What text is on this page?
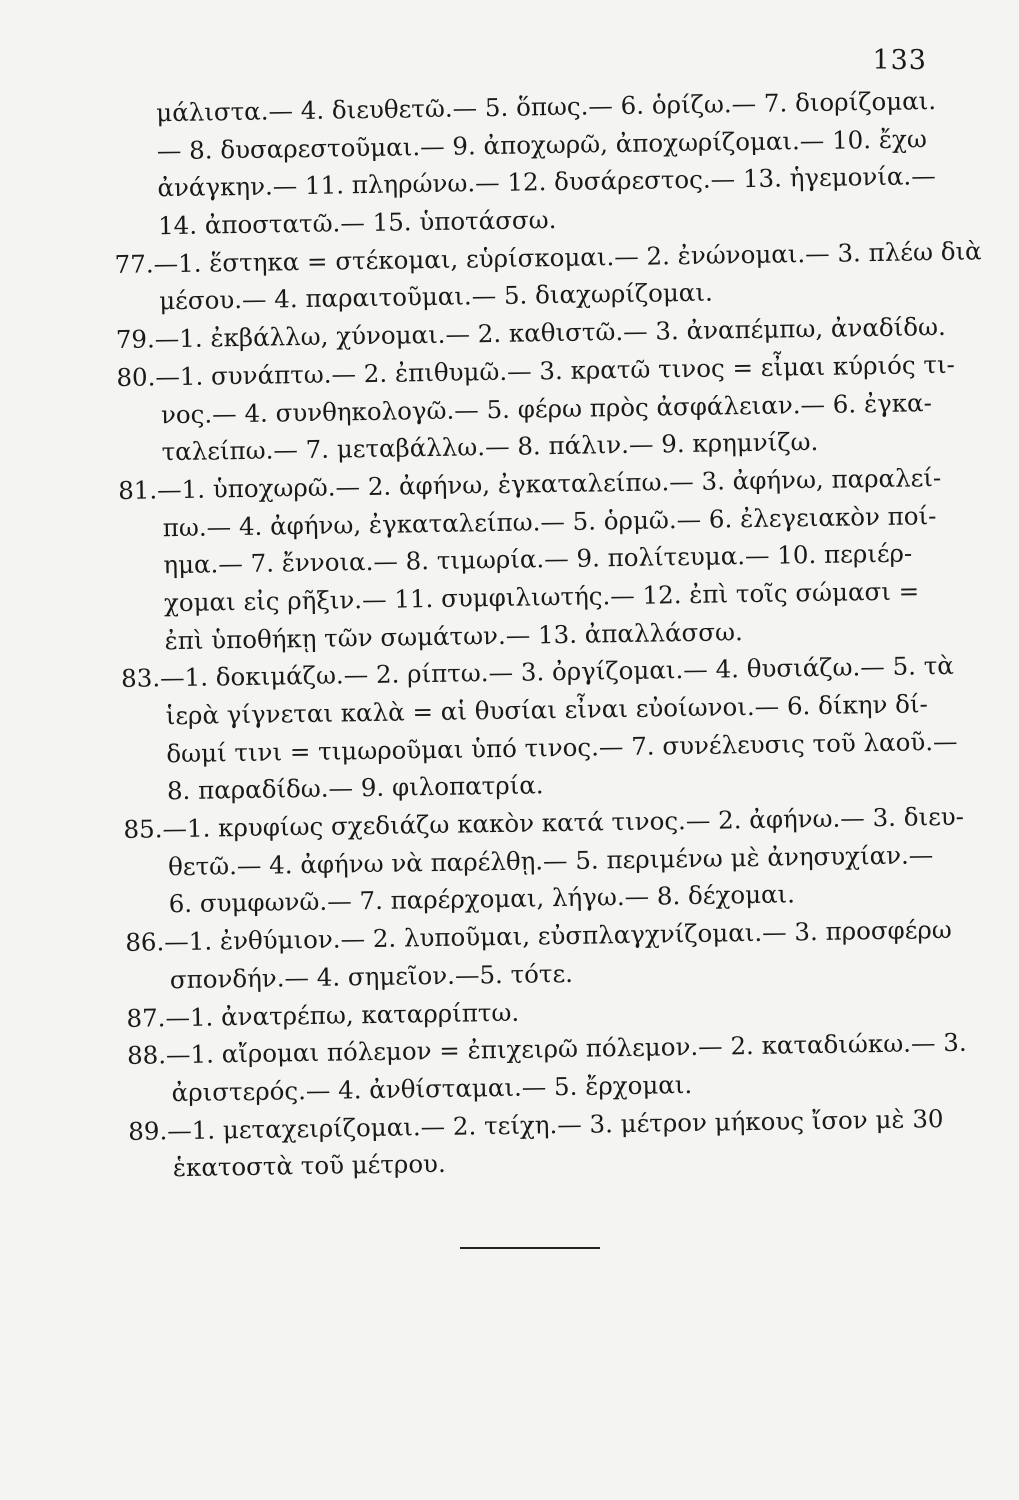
133
μάλιστα.— 4. διευθετῶ.— 5. ὅπως.— 6. ὁρίζω.— 7. διορίζομαι.
— 8. δυσαρεστοῦμαι.— 9. ἀποχωρῶ, ἀποχωρίζομαι.— 10. ἔχω
ἀνάγκην.— 11. πληρώνω.— 12. δυσάρεστος.— 13. ἡγεμονία.—
14. ἀποστατῶ.— 15. ὑποτάσσω.
77.—1. ἕστηκα = στέκομαι, εὑρίσκομαι.— 2. ἐνώνομαι.— 3. πλέω διὰ
μέσου.— 4. παραιτοῦμαι.— 5. διαχωρίζομαι.
79.—1. ἐκβάλλω, χύνομαι.— 2. καθιστῶ.— 3. ἀναπέμπω, ἀναδίδω.
80.—1. συνάπτω.— 2. ἐπιθυμῶ.— 3. κρατῶ τινος = εἶμαι κύριός τι-
νος.— 4. συνθηκολογῶ.— 5. φέρω πρὸς ἀσφάλειαν.— 6. ἐγκα-
ταλείπω.— 7. μεταβάλλω.— 8. πάλιν.— 9. κρημνίζω.
81.—1. ὑποχωρῶ.— 2. ἀφήνω, ἐγκαταλείπω.— 3. ἀφήνω, παραλεί-
πω.— 4. ἀφήνω, ἐγκαταλείπω.— 5. ὁρμῶ.— 6. ἐλεγειακὸν ποί-
ημα.— 7. ἔννοια.— 8. τιμωρία.— 9. πολίτευμα.— 10. περιέρ-
χομαι εἰς ρῆξιν.— 11. συμφιλιωτής.— 12. ἐπὶ τοῖς σώμασι =
ἐπὶ ὑποθήκῃ τῶν σωμάτων.— 13. ἀπαλλάσσω.
83.—1. δοκιμάζω.— 2. ρίπτω.— 3. ὀργίζομαι.— 4. θυσιάζω.— 5. τὰ
ἱερὰ γίγνεται καλὰ = αἱ θυσίαι εἶναι εὐοίωνοι.— 6. δίκην δί-
δωμί τινι = τιμωροῦμαι ὑπό τινος.— 7. συνέλευσις τοῦ λαοῦ.—
8. παραδίδω.— 9. φιλοπατρία.
85.—1. κρυφίως σχεδιάζω κακὸν κατά τινος.— 2. ἀφήνω.— 3. διευ-
θετῶ.— 4. ἀφήνω νὰ παρέλθῃ.— 5. περιμένω μὲ ἀνησυχίαν.—
6. συμφωνῶ.— 7. παρέρχομαι, λήγω.— 8. δέχομαι.
86.—1. ἐνθύμιον.— 2. λυποῦμαι, εὐσπλαγχνίζομαι.— 3. προσφέρω
σπονδήν.— 4. σημεῖον.—5. τότε.
87.—1. ἀνατρέπω, καταρρίπτω.
88.—1. αἴρομαι πόλεμον = ἐπιχειρῶ πόλεμον.— 2. καταδιώκω.— 3.
ἀριστερός.— 4. ἀνθίσταμαι.— 5. ἔρχομαι.
89.—1. μεταχειρίζομαι.— 2. τείχη.— 3. μέτρον μήκους ἴσον μὲ 30
ἑκατοστὰ τοῦ μέτρου.
